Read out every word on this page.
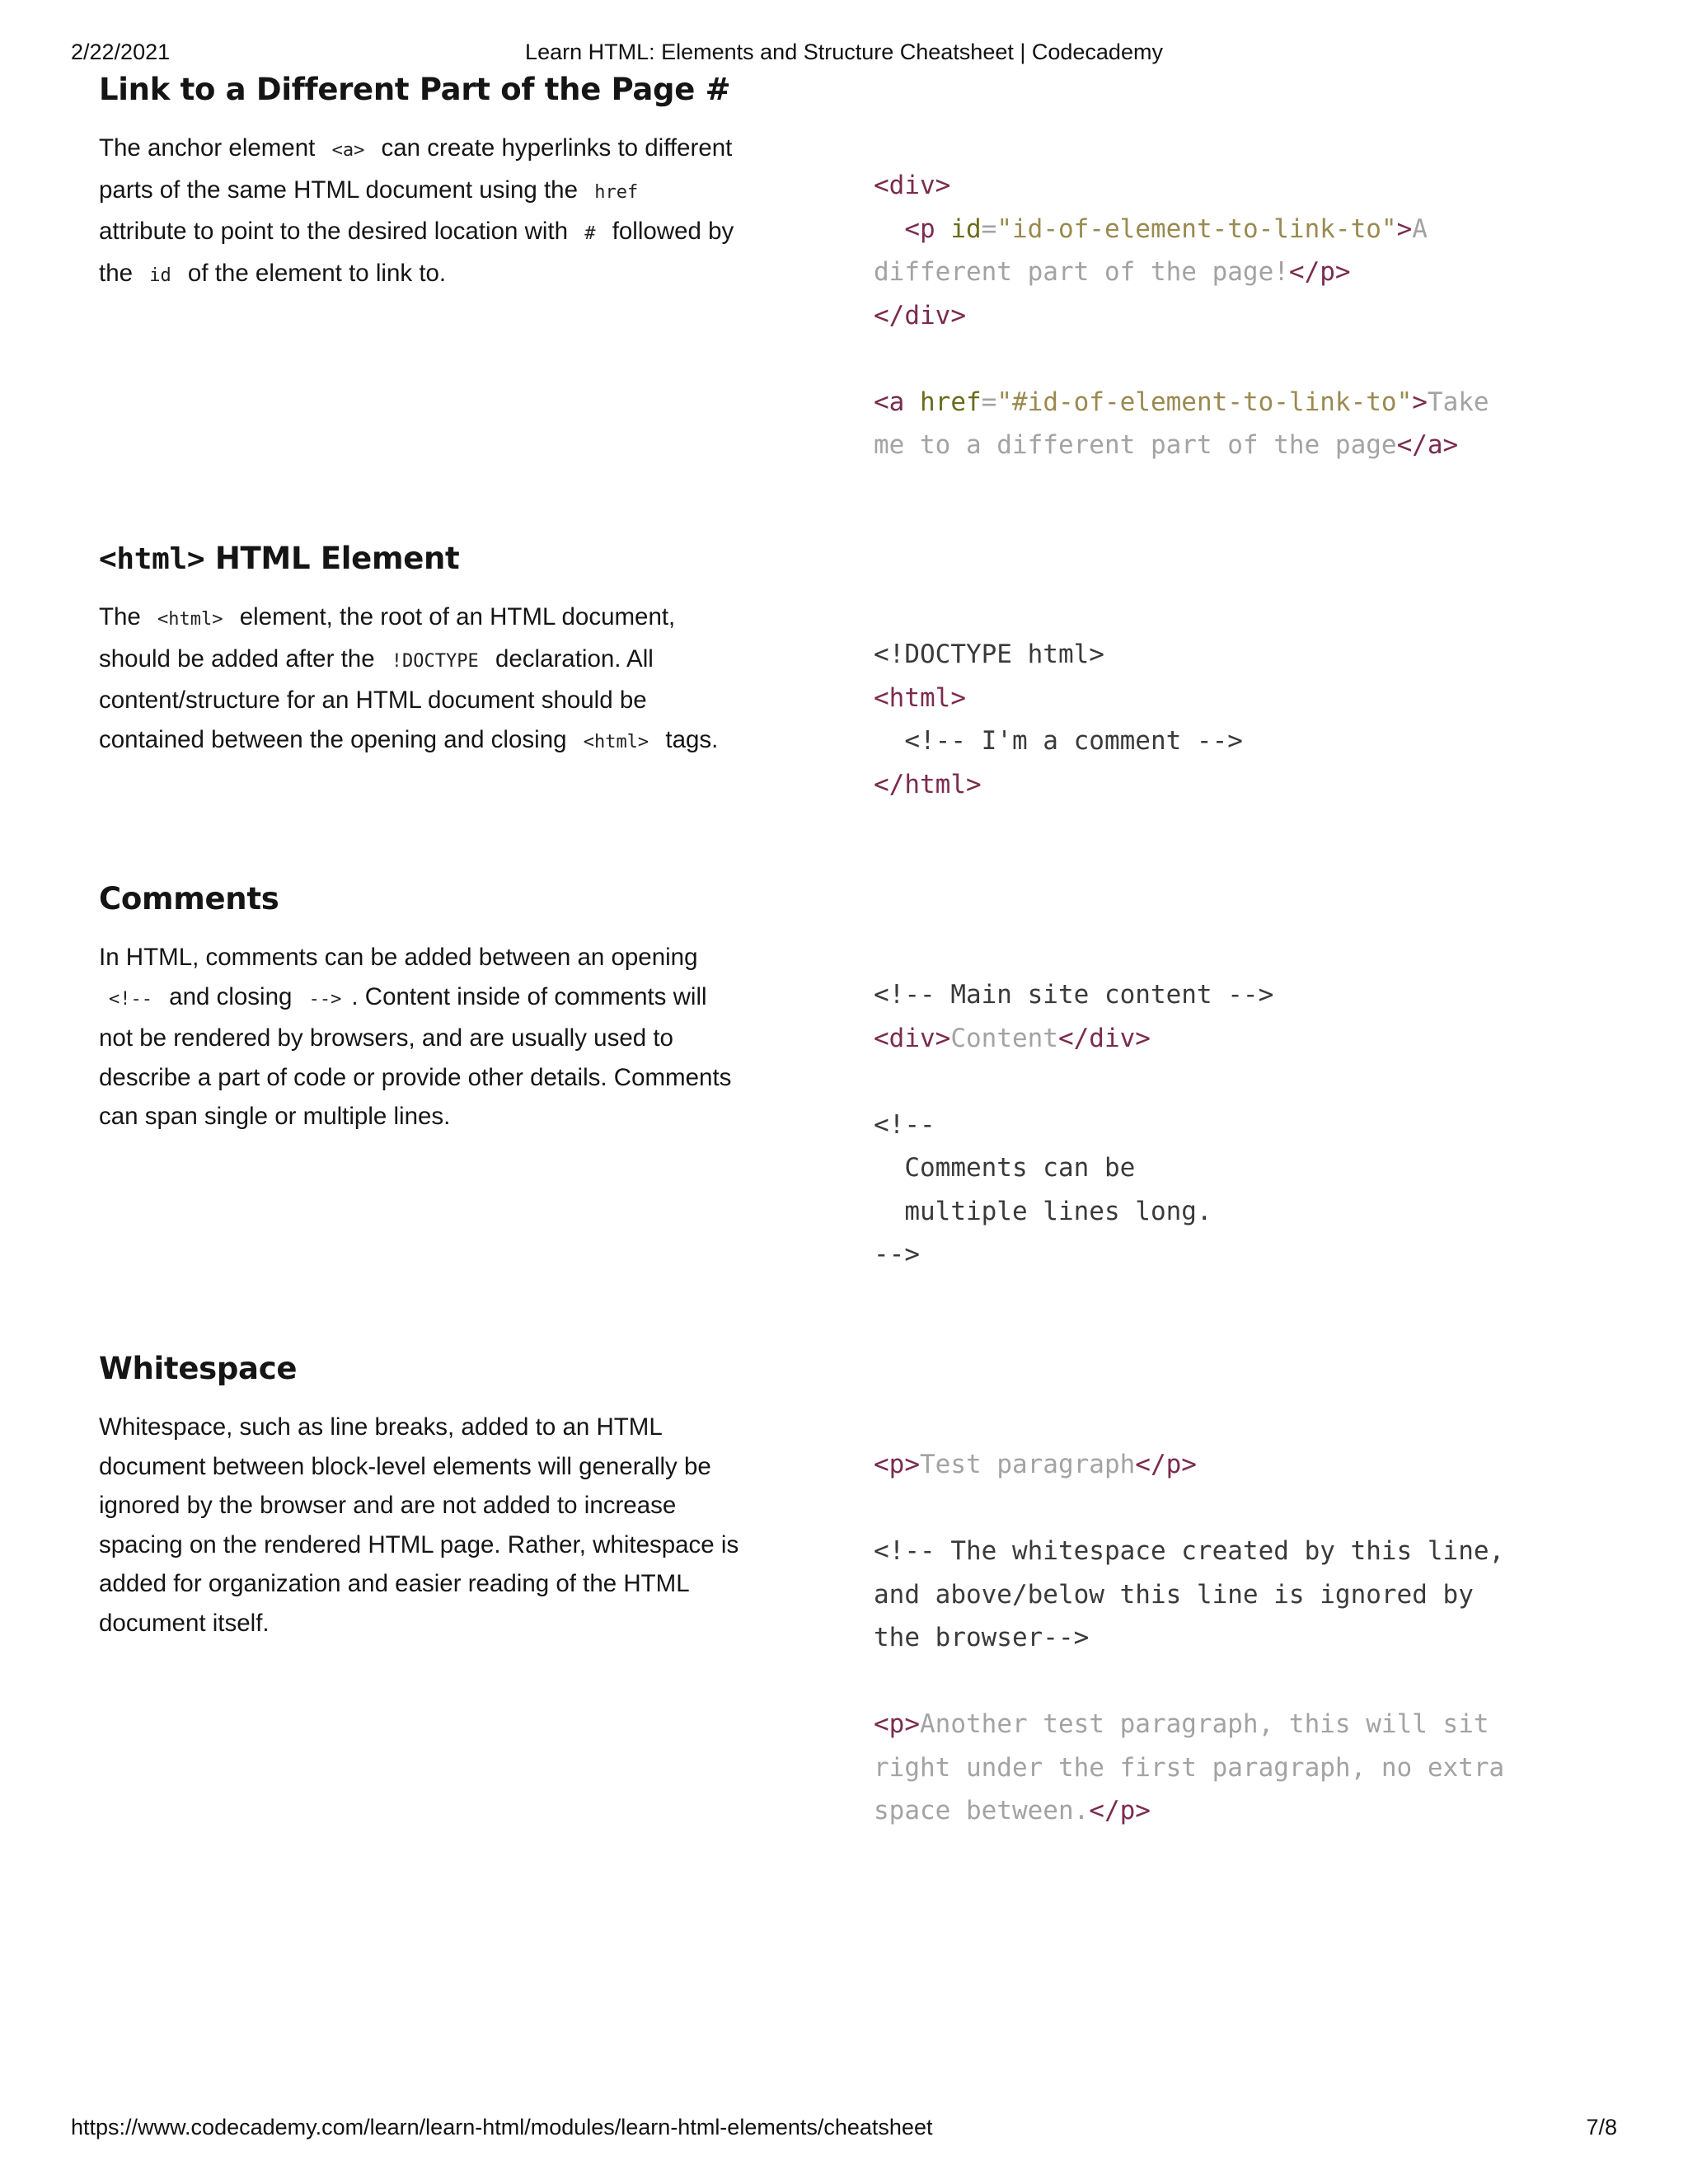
2/22/2021	Learn HTML: Elements and Structure Cheatsheet | Codecademy
Link to a Different Part of the Page #
The anchor element <a> can create hyperlinks to different parts of the same HTML document using the href attribute to point to the desired location with # followed by the id of the element to link to.
<div>
<p id="id-of-element-to-link-to">A
different part of the page!</p>
</div>

<a href="#id-of-element-to-link-to">Take
me to a different part of the page</a>
<html> HTML Element
The <html> element, the root of an HTML document, should be added after the !DOCTYPE declaration. All content/structure for an HTML document should be contained between the opening and closing <html> tags.
<!DOCTYPE html>
<html>
<!-- I'm a comment -->
</html>
Comments
In HTML, comments can be added between an opening <!-- and closing --> . Content inside of comments will not be rendered by browsers, and are usually used to describe a part of code or provide other details. Comments can span single or multiple lines.
<!-- Main site content -->
<div>Content</div>

<!--
Comments can be
multiple lines long.
-->
Whitespace
Whitespace, such as line breaks, added to an HTML document between block-level elements will generally be ignored by the browser and are not added to increase spacing on the rendered HTML page. Rather, whitespace is added for organization and easier reading of the HTML document itself.
<p>Test paragraph</p>

<!-- The whitespace created by this line,
and above/below this line is ignored by
the browser-->

<p>Another test paragraph, this will sit
right under the first paragraph, no extra
space between.</p>
https://www.codecademy.com/learn/learn-html/modules/learn-html-elements/cheatsheet	7/8
